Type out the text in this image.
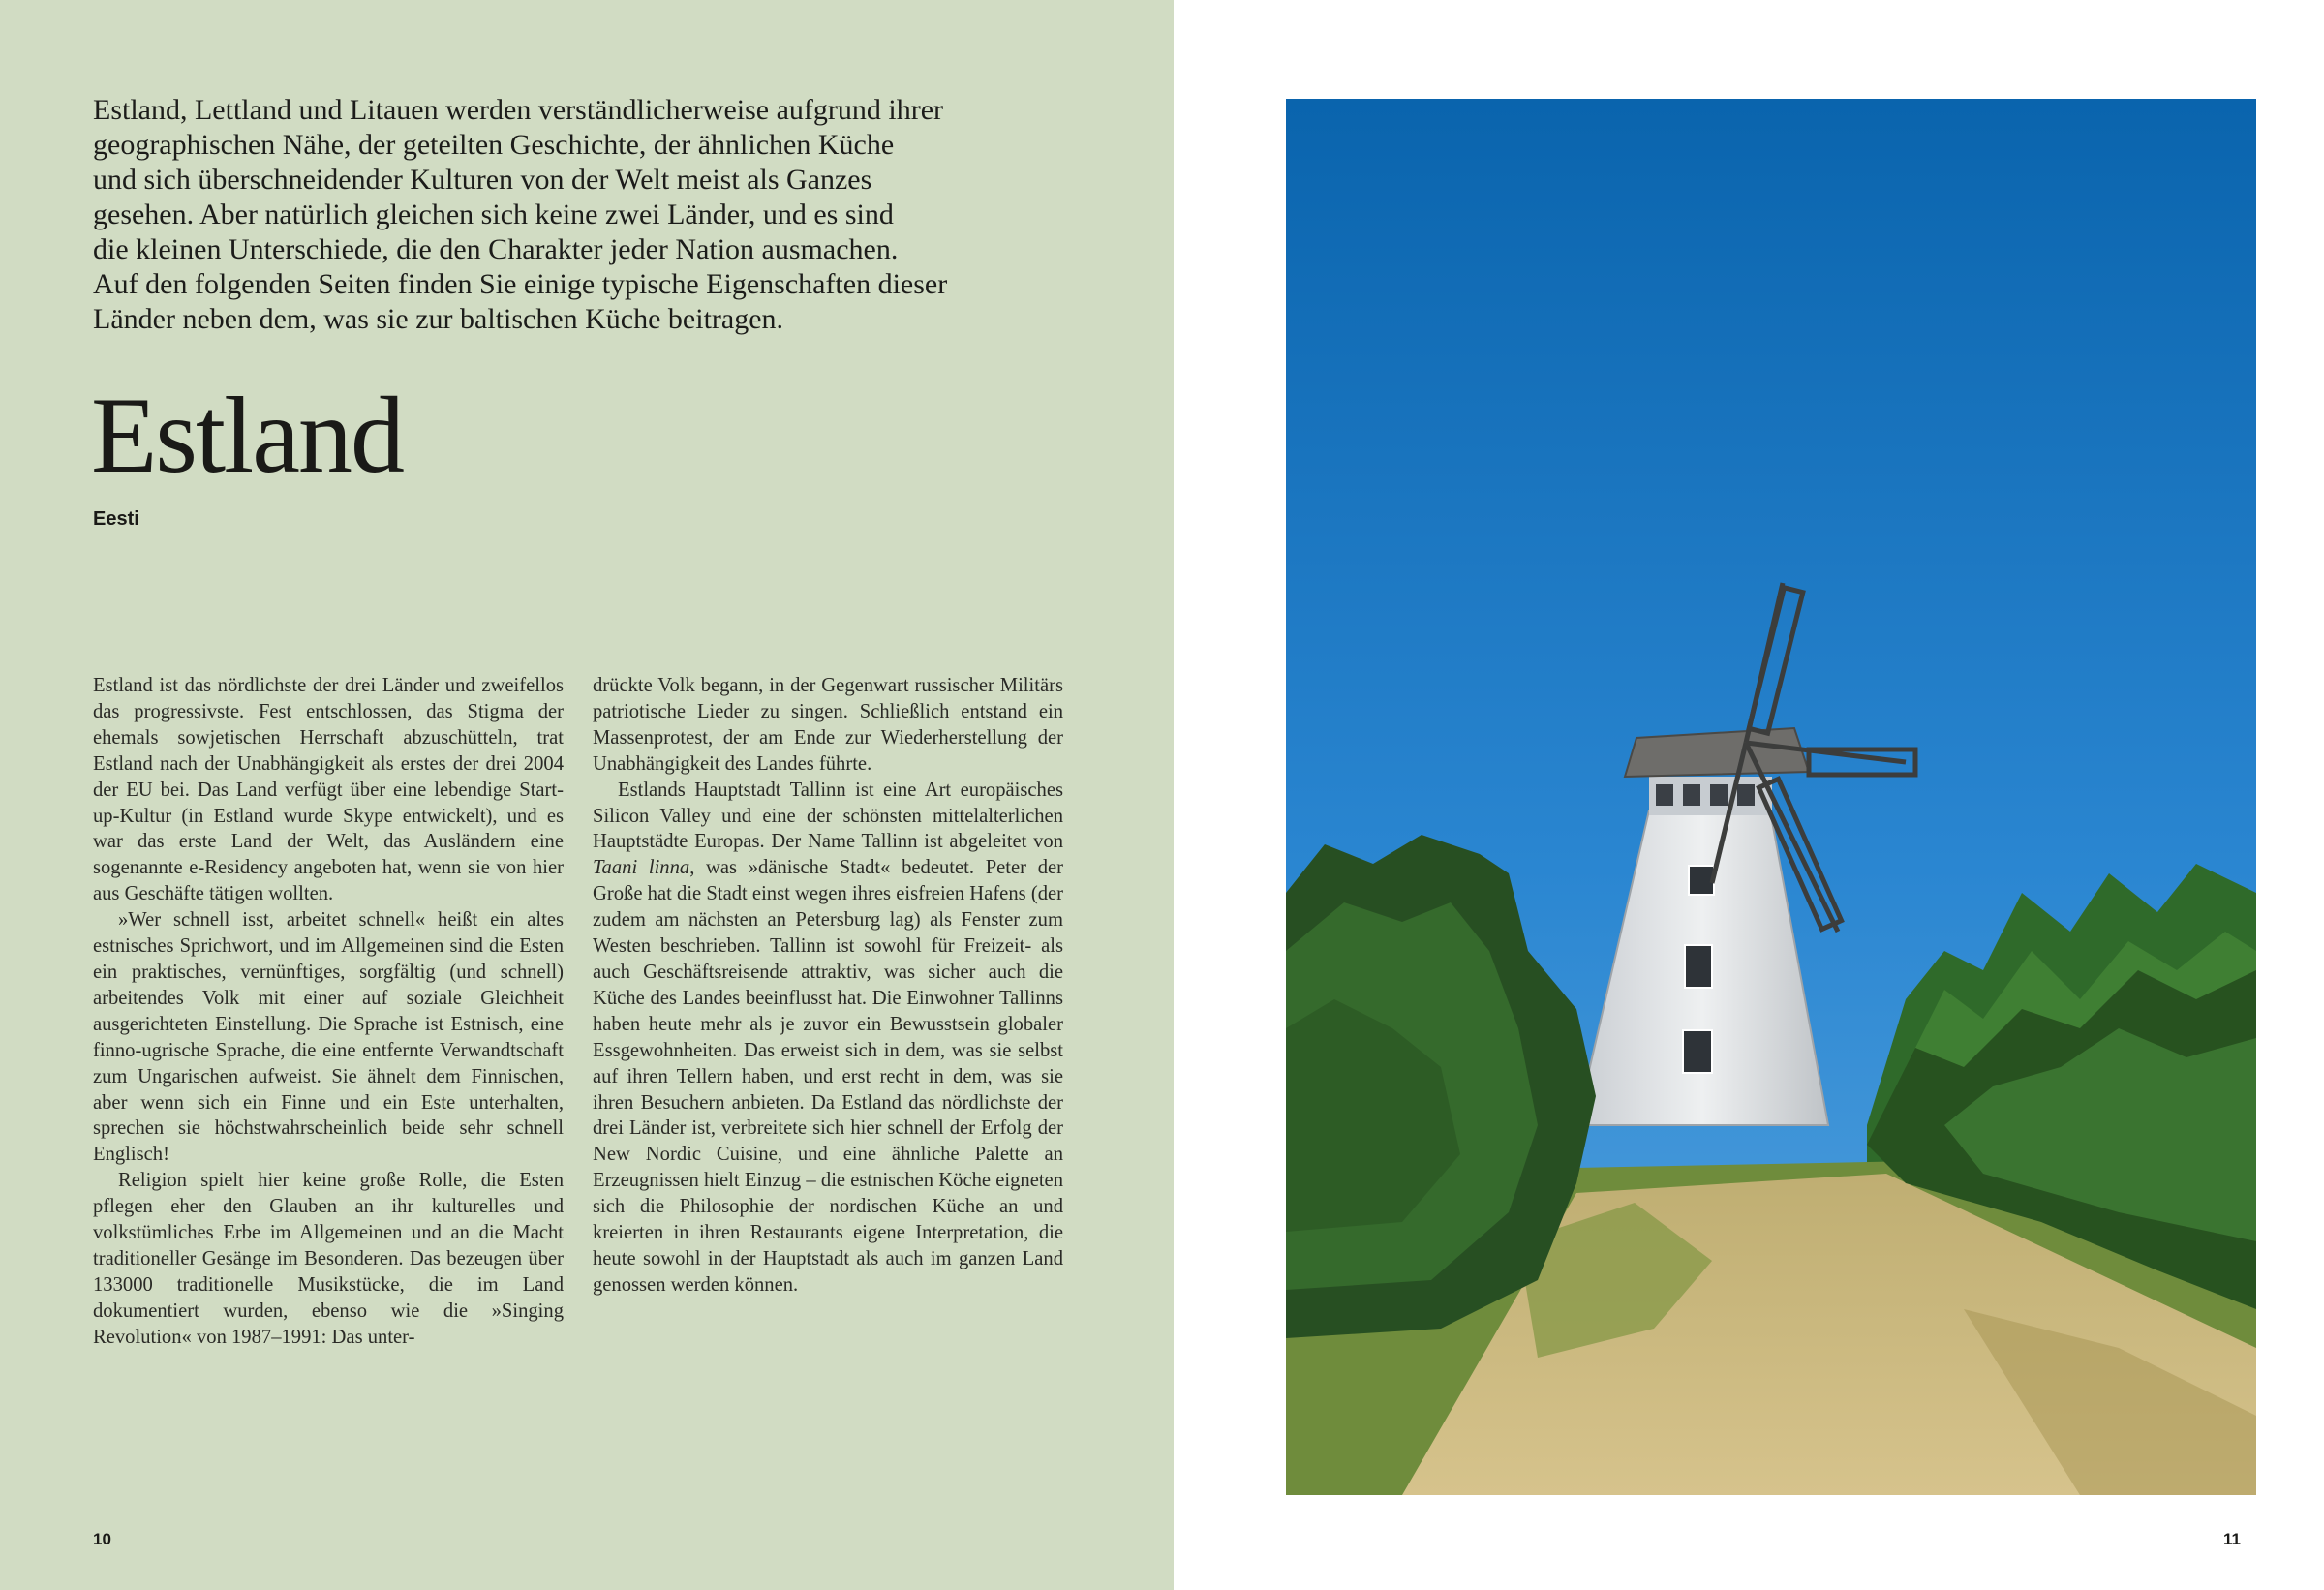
Estland, Lettland und Litauen werden verständlicherweise aufgrund ihrer
geographischen Nähe, der geteilten Geschichte, der ähnlichen Küche
und sich überschneidender Kulturen von der Welt meist als Ganzes
gesehen. Aber natürlich gleichen sich keine zwei Länder, und es sind
die kleinen Unterschiede, die den Charakter jeder Nation ausmachen.
Auf den folgenden Seiten finden Sie einige typische Eigenschaften dieser
Länder neben dem, was sie zur baltischen Küche beitragen.
Estland
Eesti

Estland ist das nördlichste der drei Länder und zweifellos das progressivste. Fest entschlossen, das Stigma der ehemals sowjetischen Herrschaft abzuschütteln, trat Estland nach der Unabhängigkeit als erstes der drei 2004 der EU bei. Das Land verfügt über eine lebendige Start-up-Kultur (in Estland wurde Skype entwickelt), und es war das erste Land der Welt, das Ausländern eine sogenannte e-Residency angeboten hat, wenn sie von hier aus Geschäfte tätigen wollten.

»Wer schnell isst, arbeitet schnell« heißt ein altes estnisches Sprichwort, und im Allgemeinen sind die Esten ein praktisches, vernünftiges, sorgfältig (und schnell) arbeitendes Volk mit einer auf soziale Gleichheit ausgerichteten Einstellung. Die Sprache ist Estnisch, eine finno-ugrische Sprache, die eine entfernte Verwandtschaft zum Ungarischen aufweist. Sie ähnelt dem Finnischen, aber wenn sich ein Finne und ein Este unterhalten, sprechen sie höchstwahrscheinlich beide sehr schnell Englisch!

Religion spielt hier keine große Rolle, die Esten pflegen eher den Glauben an ihr kulturelles und volkstümliches Erbe im Allgemeinen und an die Macht traditioneller Gesänge im Besonderen. Das bezeugen über 133000 traditionelle Musikstücke, die im Land dokumentiert wurden, ebenso wie die »Singing Revolution« von 1987–1991: Das unter-

drückte Volk begann, in der Gegenwart russischer Militärs patriotische Lieder zu singen. Schließlich entstand ein Massenprotest, der am Ende zur Wiederherstellung der Unabhängigkeit des Landes führte.

Estlands Hauptstadt Tallinn ist eine Art europäisches Silicon Valley und eine der schönsten mittelalterlichen Hauptstädte Europas. Der Name Tallinn ist abgeleitet von Taani linna, was »dänische Stadt« bedeutet. Peter der Große hat die Stadt einst wegen ihres eisfreien Hafens (der zudem am nächsten an Petersburg lag) als Fenster zum Westen beschrieben. Tallinn ist sowohl für Freizeit- als auch Geschäftsreisende attraktiv, was sicher auch die Küche des Landes beeinflusst hat. Die Einwohner Tallinns haben heute mehr als je zuvor ein Bewusstsein globaler Essgewohnheiten. Das erweist sich in dem, was sie selbst auf ihren Tellern haben, und erst recht in dem, was sie ihren Besuchern anbieten. Da Estland das nördlichste der drei Länder ist, verbreitete sich hier schnell der Erfolg der New Nordic Cuisine, und eine ähnliche Palette an Erzeugnissen hielt Einzug – die estnischen Köche eigneten sich die Philosophie der nordischen Küche an und kreierten in ihren Restaurants eigene Interpretation, die heute sowohl in der Hauptstadt als auch im ganzen Land genossen werden können.

10	11
